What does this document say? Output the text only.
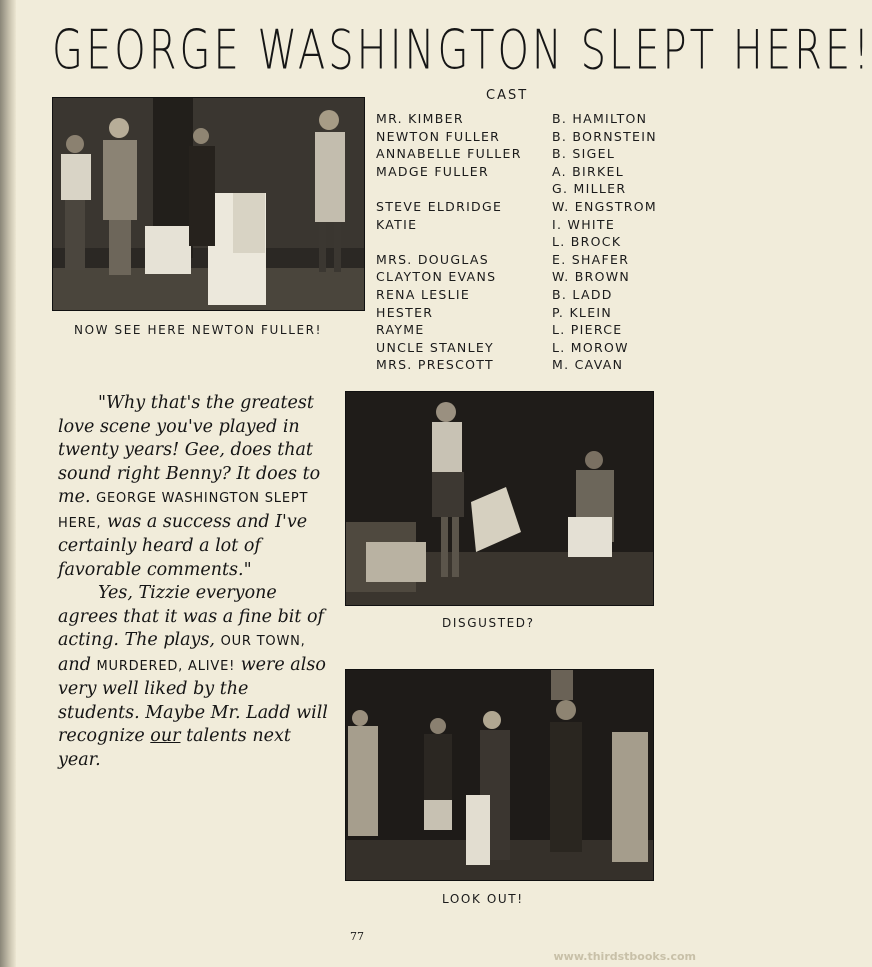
GEORGE WASHINGTON SLEPT HERE!
CAST
MR. KIMBER
NEWTON FULLER
ANNABELLE FULLER
MADGE FULLER
STEVE ELDRIDGE
KATIE
MRS. DOUGLAS
CLAYTON EVANS
RENA LESLIE
HESTER
RAYME
UNCLE STANLEY
MRS. PRESCOTT
B. HAMILTON
B. BORNSTEIN
B. SIGEL
A. BIRKEL
G. MILLER
W. ENGSTROM
I. WHITE
L. BROCK
E. SHAFER
W. BROWN
B. LADD
P. KLEIN
L. PIERCE
L. MOROW
M. CAVAN
NOW SEE HERE NEWTON FULLER!
DISGUSTED?
LOOK OUT!

"Why that's the greatest love scene you've played in twenty years! Gee, does that sound right Benny? It does to me. GEORGE WASHINGTON SLEPT HERE, was a success and I've certainly heard a lot of favorable comments."

Yes, Tizzie everyone agrees that it was a fine bit of acting. The plays, OUR TOWN, and MURDERED, ALIVE! were also very well liked by the students. Maybe Mr. Ladd will recognize our talents next year.

77
www.thirdstbooks.com
